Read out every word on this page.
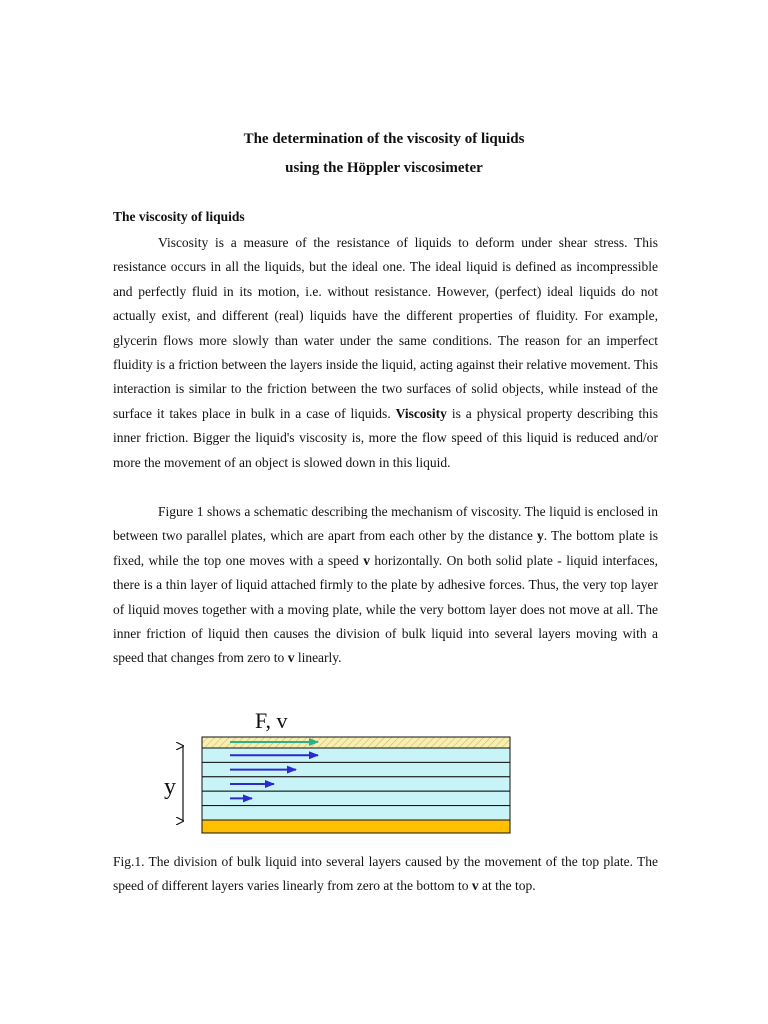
The determination of the viscosity of liquids
using the Höppler viscosimeter
The viscosity of liquids

Viscosity is a measure of the resistance of liquids to deform under shear stress. This resistance occurs in all the liquids, but the ideal one. The ideal liquid is defined as incompressible and perfectly fluid in its motion, i.e. without resistance. However, (perfect) ideal liquids do not actually exist, and different (real) liquids have the different properties of fluidity. For example, glycerin flows more slowly than water under the same conditions. The reason for an imperfect fluidity is a friction between the layers inside the liquid, acting against their relative movement. This interaction is similar to the friction between the two surfaces of solid objects, while instead of the surface it takes place in bulk in a case of liquids. Viscosity is a physical property describing this inner friction. Bigger the liquid's viscosity is, more the flow speed of this liquid is reduced and/or more the movement of an object is slowed down in this liquid.

Figure 1 shows a schematic describing the mechanism of viscosity. The liquid is enclosed in between two parallel plates, which are apart from each other by the distance y. The bottom plate is fixed, while the top one moves with a speed v horizontally. On both solid plate - liquid interfaces, there is a thin layer of liquid attached firmly to the plate by adhesive forces. Thus, the very top layer of liquid moves together with a moving plate, while the very bottom layer does not move at all. The inner friction of liquid then causes the division of bulk liquid into several layers moving with a speed that changes from zero to v linearly.

F, v
y

Fig.1. The division of bulk liquid into several layers caused by the movement of the top plate. The speed of different layers varies linearly from zero at the bottom to v at the top.
